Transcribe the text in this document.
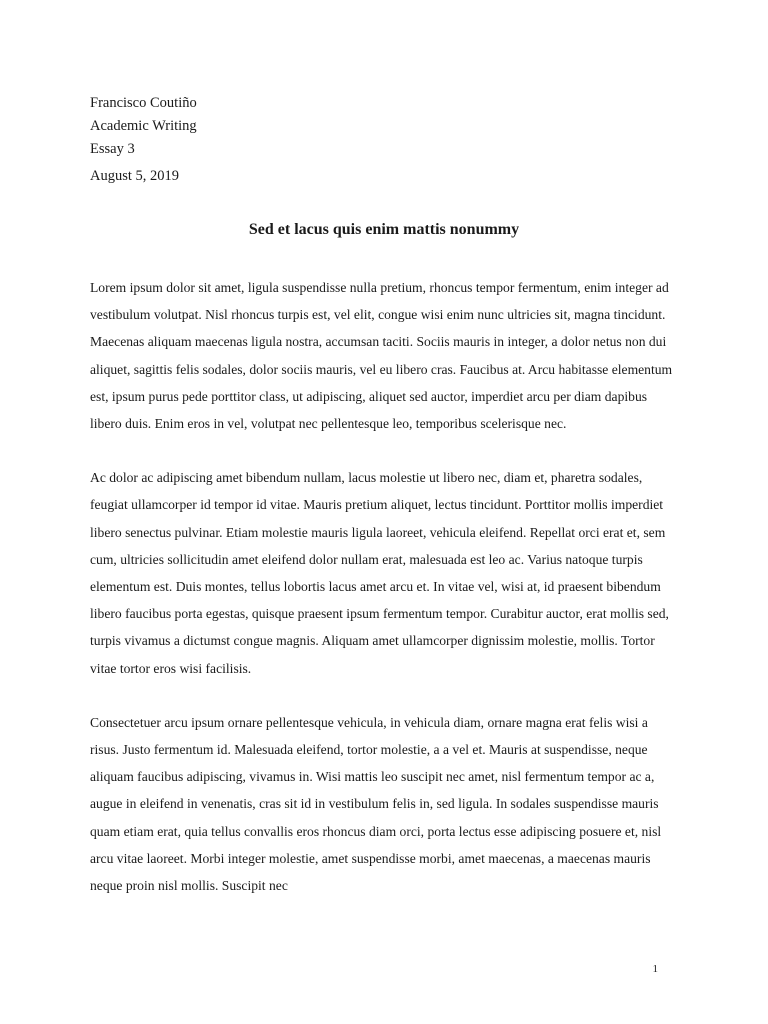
Francisco Coutiño
Academic Writing
Essay 3
August 5, 2019
Sed et lacus quis enim mattis nonummy

Lorem ipsum dolor sit amet, ligula suspendisse nulla pretium, rhoncus tempor fermentum, enim integer ad vestibulum volutpat. Nisl rhoncus turpis est, vel elit, congue wisi enim nunc ultricies sit, magna tincidunt. Maecenas aliquam maecenas ligula nostra, accumsan taciti. Sociis mauris in integer, a dolor netus non dui aliquet, sagittis felis sodales, dolor sociis mauris, vel eu libero cras. Faucibus at. Arcu habitasse elementum est, ipsum purus pede porttitor class, ut adipiscing, aliquet sed auctor, imperdiet arcu per diam dapibus libero duis. Enim eros in vel, volutpat nec pellentesque leo, temporibus scelerisque nec.

Ac dolor ac adipiscing amet bibendum nullam, lacus molestie ut libero nec, diam et, pharetra sodales, feugiat ullamcorper id tempor id vitae. Mauris pretium aliquet, lectus tincidunt. Porttitor mollis imperdiet libero senectus pulvinar. Etiam molestie mauris ligula laoreet, vehicula eleifend. Repellat orci erat et, sem cum, ultricies sollicitudin amet eleifend dolor nullam erat, malesuada est leo ac. Varius natoque turpis elementum est. Duis montes, tellus lobortis lacus amet arcu et. In vitae vel, wisi at, id praesent bibendum libero faucibus porta egestas, quisque praesent ipsum fermentum tempor. Curabitur auctor, erat mollis sed, turpis vivamus a dictumst congue magnis. Aliquam amet ullamcorper dignissim molestie, mollis. Tortor vitae tortor eros wisi facilisis.

Consectetuer arcu ipsum ornare pellentesque vehicula, in vehicula diam, ornare magna erat felis wisi a risus. Justo fermentum id. Malesuada eleifend, tortor molestie, a a vel et. Mauris at suspendisse, neque aliquam faucibus adipiscing, vivamus in. Wisi mattis leo suscipit nec amet, nisl fermentum tempor ac a, augue in eleifend in venenatis, cras sit id in vestibulum felis in, sed ligula. In sodales suspendisse mauris quam etiam erat, quia tellus convallis eros rhoncus diam orci, porta lectus esse adipiscing posuere et, nisl arcu vitae laoreet. Morbi integer molestie, amet suspendisse morbi, amet maecenas, a maecenas mauris neque proin nisl mollis. Suscipit nec

1
